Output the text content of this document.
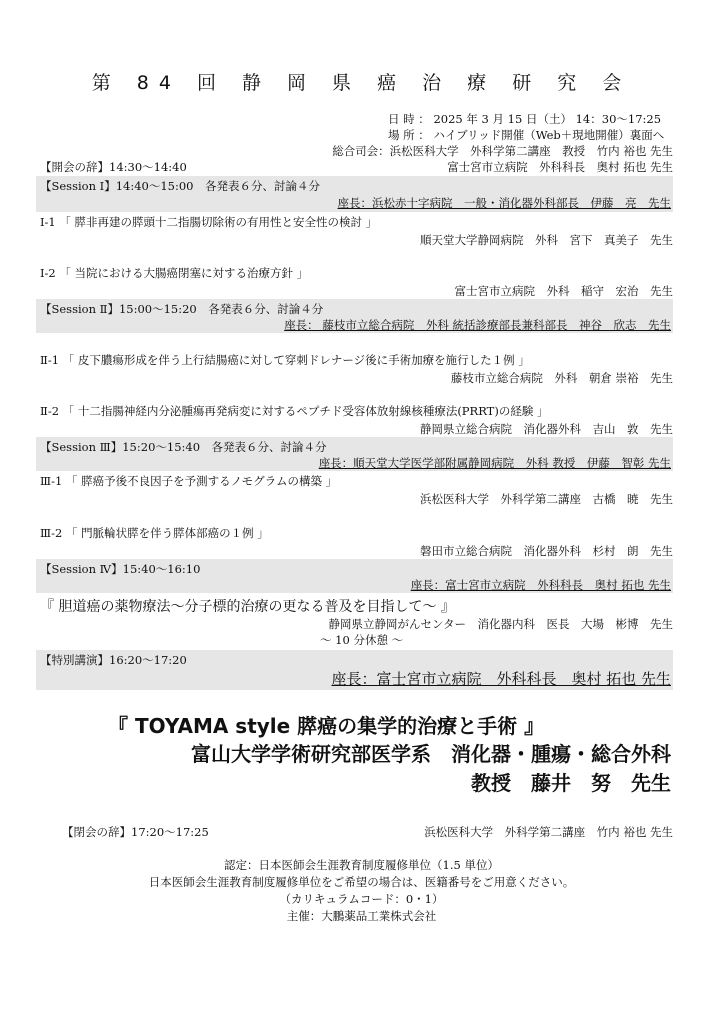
第 84 回 静 岡 県 癌 治 療 研 究 会
日 時 ： 2025 年 3 月 15 日（土） 14：30～17:25
場 所 ： ハイブリッド開催（Web＋現地開催）裏面へ
総合司会：浜松医科大学　外科学第二講座　教授　竹内 裕也 先生
【開会の辞】14:30～14:40	富士宮市立病院　外科科長　奥村 拓也 先生
【Session Ⅰ】14:40～15:00　各発表６分、討論４分
座長：浜松赤十字病院　一般・消化器外科部長　伊藤　亮　先生
Ⅰ-1 「 膵非再建の膵頭十二指腸切除術の有用性と安全性の検討 」
順天堂大学静岡病院　外科　宮下　真美子　先生
Ⅰ-2 「 当院における大腸癌閉塞に対する治療方針 」
富士宮市立病院　外科　稲守　宏治　先生
【Session Ⅱ】15:00～15:20　各発表６分、討論４分
座長： 藤枝市立総合病院　外科 統括診療部長兼科部長　神谷　欣志　先生
Ⅱ-1 「 皮下膿瘍形成を伴う上行結腸癌に対して穿刺ドレナージ後に手術加療を施行した１例 」
藤枝市立総合病院　外科　朝倉 崇裕　先生
Ⅱ-2 「 十二指腸神経内分泌腫瘍再発病変に対するペプチド受容体放射線核種療法(PRRT)の経験 」
静岡県立総合病院　消化器外科　吉山　敦　先生
【Session Ⅲ】15:20～15:40　各発表６分、討論４分
座長：順天堂大学医学部附属静岡病院　外科 教授　伊藤　智彰 先生
Ⅲ-1 「 膵癌予後不良因子を予測するノモグラムの構築 」
浜松医科大学　外科学第二講座　古橋　暁　先生
Ⅲ-2 「 門脈輪状膵を伴う膵体部癌の１例 」
磐田市立総合病院　消化器外科　杉村　朗　先生
【Session Ⅳ】15:40～16:10
座長：富士宮市立病院　外科科長　奥村 拓也 先生
『 胆道癌の薬物療法～分子標的治療の更なる普及を目指して～ 』
静岡県立静岡がんセンター　消化器内科　医長　大場　彬博　先生
～ 10 分休憩 ～
【特別講演】16:20～17:20
座長：富士宮市立病院　外科科長　奥村 拓也 先生
『 TOYAMA style 膵癌の集学的治療と手術 』
富山大学学術研究部医学系　消化器・腫瘍・総合外科
教授　藤井　努　先生
【閉会の辞】17:20～17:25	浜松医科大学　外科学第二講座　竹内 裕也 先生
認定：日本医師会生涯教育制度履修単位（1.5 単位）
日本医師会生涯教育制度履修単位をご希望の場合は、医籍番号をご用意ください。
（カリキュラムコード：0・1）
主催：大鵬薬品工業株式会社
